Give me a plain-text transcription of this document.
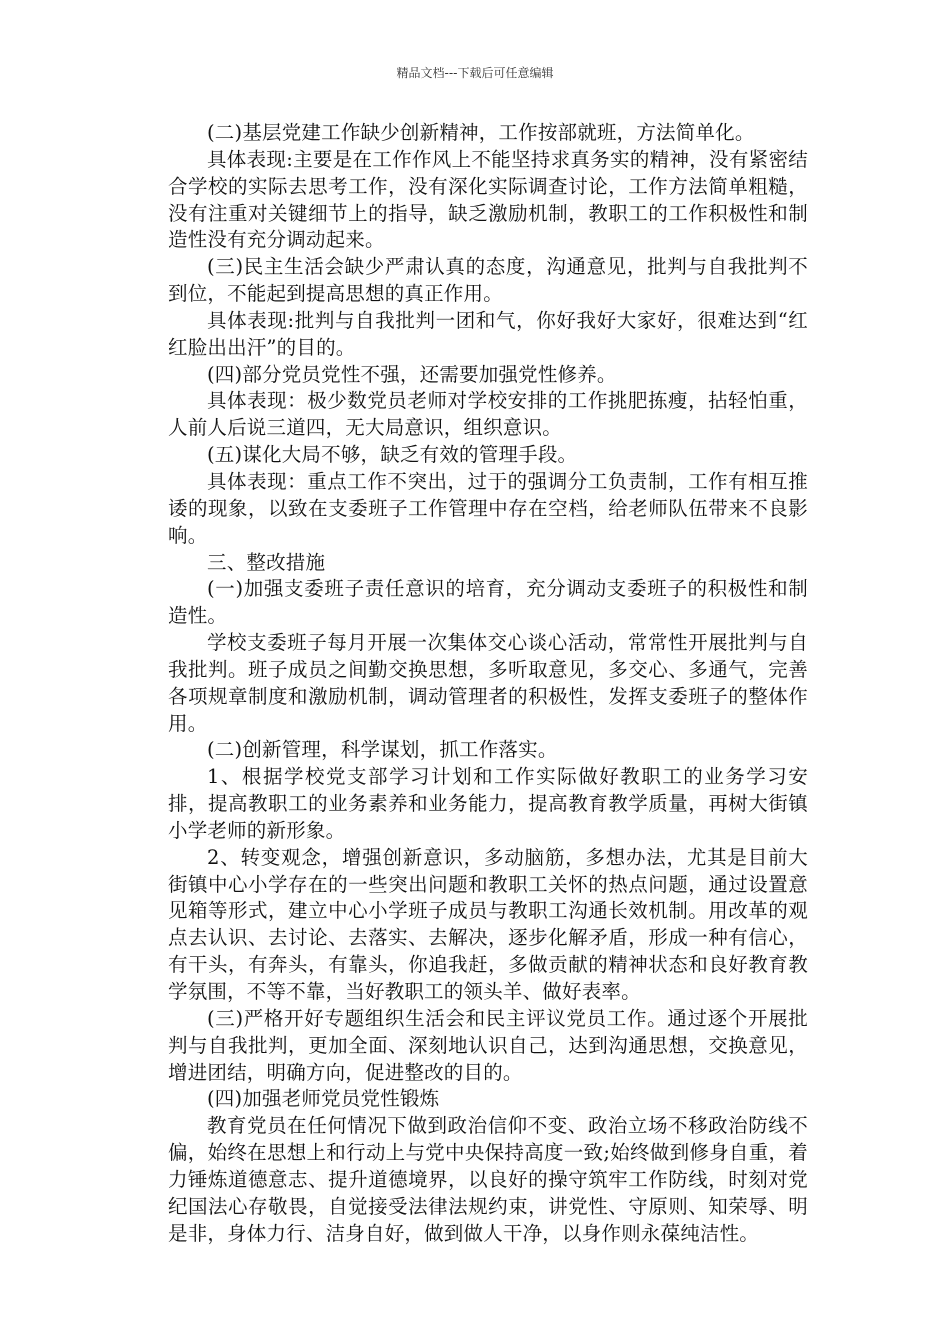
精品文档---下载后可任意编辑

(二)基层党建工作缺少创新精神，工作按部就班，方法简单化。

具体表现:主要是在工作作风上不能坚持求真务实的精神，没有紧密结合学校的实际去思考工作，没有深化实际调查讨论，工作方法简单粗糙，没有注重对关键细节上的指导，缺乏激励机制，教职工的工作积极性和制造性没有充分调动起来。

(三)民主生活会缺少严肃认真的态度，沟通意见，批判与自我批判不到位，不能起到提高思想的真正作用。

具体表现:批判与自我批判一团和气，你好我好大家好，很难达到“红红脸出出汗”的目的。

(四)部分党员党性不强，还需要加强党性修养。

具体表现：极少数党员老师对学校安排的工作挑肥拣瘦，拈轻怕重，人前人后说三道四，无大局意识，组织意识。

(五)谋化大局不够，缺乏有效的管理手段。

具体表现：重点工作不突出，过于的强调分工负责制，工作有相互推诿的现象，以致在支委班子工作管理中存在空档，给老师队伍带来不良影响。

三、整改措施

(一)加强支委班子责任意识的培育，充分调动支委班子的积极性和制造性。

学校支委班子每月开展一次集体交心谈心活动，常常性开展批判与自我批判。班子成员之间勤交换思想，多听取意见，多交心、多通气，完善各项规章制度和激励机制，调动管理者的积极性，发挥支委班子的整体作用。

(二)创新管理，科学谋划，抓工作落实。

1、根据学校党支部学习计划和工作实际做好教职工的业务学习安排，提高教职工的业务素养和业务能力，提高教育教学质量，再树大街镇小学老师的新形象。

2、转变观念，增强创新意识，多动脑筋，多想办法，尤其是目前大街镇中心小学存在的一些突出问题和教职工关怀的热点问题，通过设置意见箱等形式，建立中心小学班子成员与教职工沟通长效机制。用改革的观点去认识、去讨论、去落实、去解决，逐步化解矛盾，形成一种有信心，有干头，有奔头，有靠头，你追我赶，多做贡献的精神状态和良好教育教学氛围，不等不靠，当好教职工的领头羊、做好表率。

(三)严格开好专题组织生活会和民主评议党员工作。通过逐个开展批判与自我批判，更加全面、深刻地认识自己，达到沟通思想，交换意见，增进团结，明确方向，促进整改的目的。

(四)加强老师党员党性锻炼

教育党员在任何情况下做到政治信仰不变、政治立场不移政治防线不偏，始终在思想上和行动上与党中央保持高度一致;始终做到修身自重，着力锤炼道德意志、提升道德境界，以良好的操守筑牢工作防线，时刻对党纪国法心存敬畏，自觉接受法律法规约束，讲党性、守原则、知荣辱、明是非，身体力行、洁身自好，做到做人干净，以身作则永葆纯洁性。
